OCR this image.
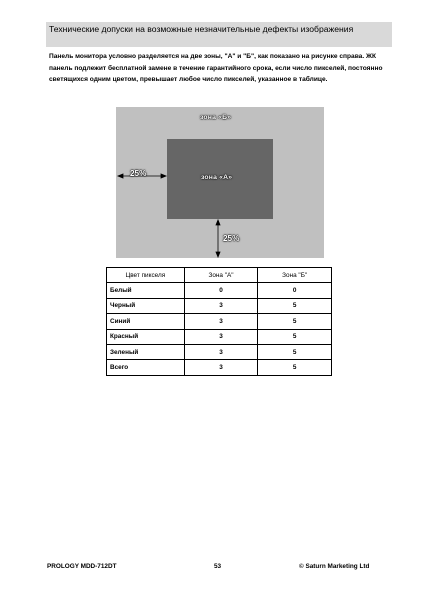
Технические допуски на возможные незначительные дефекты изображения
Панель монитора условно разделяется на две зоны, "А" и "Б", как показано на рисунке справа. ЖК панель подлежит бесплатной замене в течение гарантийного срока, если число пикселей, постоянно светящихся одним цветом, превышает любое число пикселей, указанное в таблице.
зона «Б»
зона «А»
25%
25%
Цвет пикселя	Зона "А"	Зона "Б"
Белый	0	0
Черный	3	5
Синий	3	5
Красный	3	5
Зеленый	3	5
Всего	3	5
PROLOGY MDD-712DT	53	© Saturn Marketing Ltd
